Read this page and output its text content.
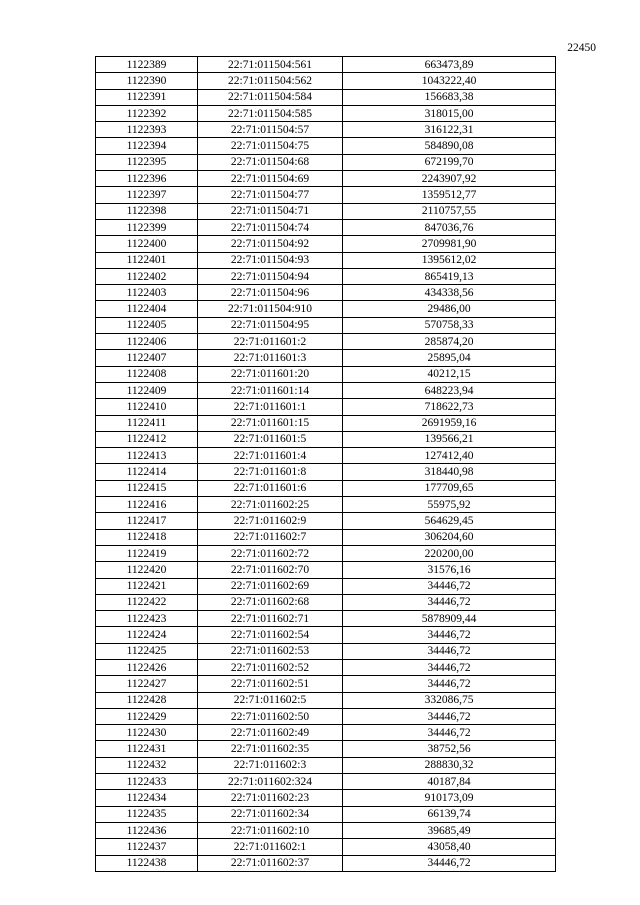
22450
1122389	22:71:011504:561	663473,89
1122390	22:71:011504:562	1043222,40
1122391	22:71:011504:584	156683,38
1122392	22:71:011504:585	318015,00
1122393	22:71:011504:57	316122,31
1122394	22:71:011504:75	584890,08
1122395	22:71:011504:68	672199,70
1122396	22:71:011504:69	2243907,92
1122397	22:71:011504:77	1359512,77
1122398	22:71:011504:71	2110757,55
1122399	22:71:011504:74	847036,76
1122400	22:71:011504:92	2709981,90
1122401	22:71:011504:93	1395612,02
1122402	22:71:011504:94	865419,13
1122403	22:71:011504:96	434338,56
1122404	22:71:011504:910	29486,00
1122405	22:71:011504:95	570758,33
1122406	22:71:011601:2	285874,20
1122407	22:71:011601:3	25895,04
1122408	22:71:011601:20	40212,15
1122409	22:71:011601:14	648223,94
1122410	22:71:011601:1	718622,73
1122411	22:71:011601:15	2691959,16
1122412	22:71:011601:5	139566,21
1122413	22:71:011601:4	127412,40
1122414	22:71:011601:8	318440,98
1122415	22:71:011601:6	177709,65
1122416	22:71:011602:25	55975,92
1122417	22:71:011602:9	564629,45
1122418	22:71:011602:7	306204,60
1122419	22:71:011602:72	220200,00
1122420	22:71:011602:70	31576,16
1122421	22:71:011602:69	34446,72
1122422	22:71:011602:68	34446,72
1122423	22:71:011602:71	5878909,44
1122424	22:71:011602:54	34446,72
1122425	22:71:011602:53	34446,72
1122426	22:71:011602:52	34446,72
1122427	22:71:011602:51	34446,72
1122428	22:71:011602:5	332086,75
1122429	22:71:011602:50	34446,72
1122430	22:71:011602:49	34446,72
1122431	22:71:011602:35	38752,56
1122432	22:71:011602:3	288830,32
1122433	22:71:011602:324	40187,84
1122434	22:71:011602:23	910173,09
1122435	22:71:011602:34	66139,74
1122436	22:71:011602:10	39685,49
1122437	22:71:011602:1	43058,40
1122438	22:71:011602:37	34446,72
